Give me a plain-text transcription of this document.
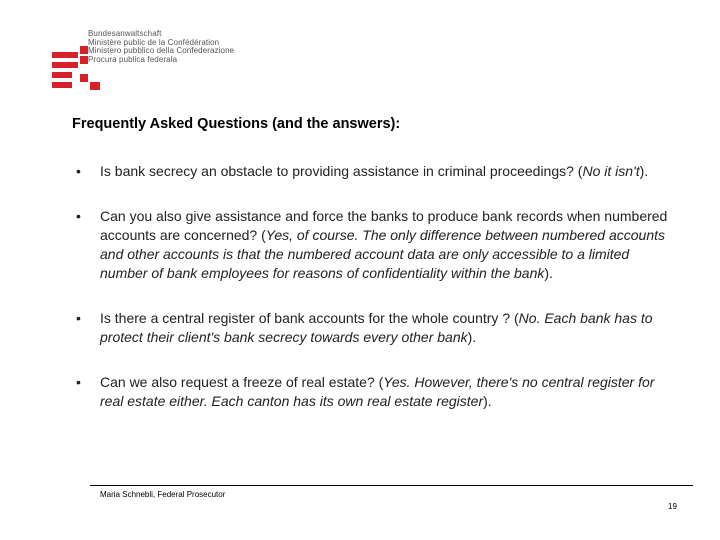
Bundesanwaltschaft
Ministère public de la Confédération
Ministero pubblico della Confederazione
Procura publica federala
Frequently Asked Questions (and the answers):
• Is bank secrecy an obstacle to providing assistance in criminal proceedings? (No it isn't).
• Can you also give assistance and force the banks to produce bank records when numbered accounts are concerned? (Yes, of course. The only difference between numbered accounts and other accounts is that the numbered account data are only accessible to a limited number of bank employees for reasons of confidentiality within the bank).
• Is there a central register of bank accounts for the whole country ? (No. Each bank has to protect their client's bank secrecy towards every other bank).
• Can we also request a freeze of real estate? (Yes. However, there's no central register for real estate either. Each canton has its own real estate register).
Maria Schnebli, Federal Prosecutor
19
